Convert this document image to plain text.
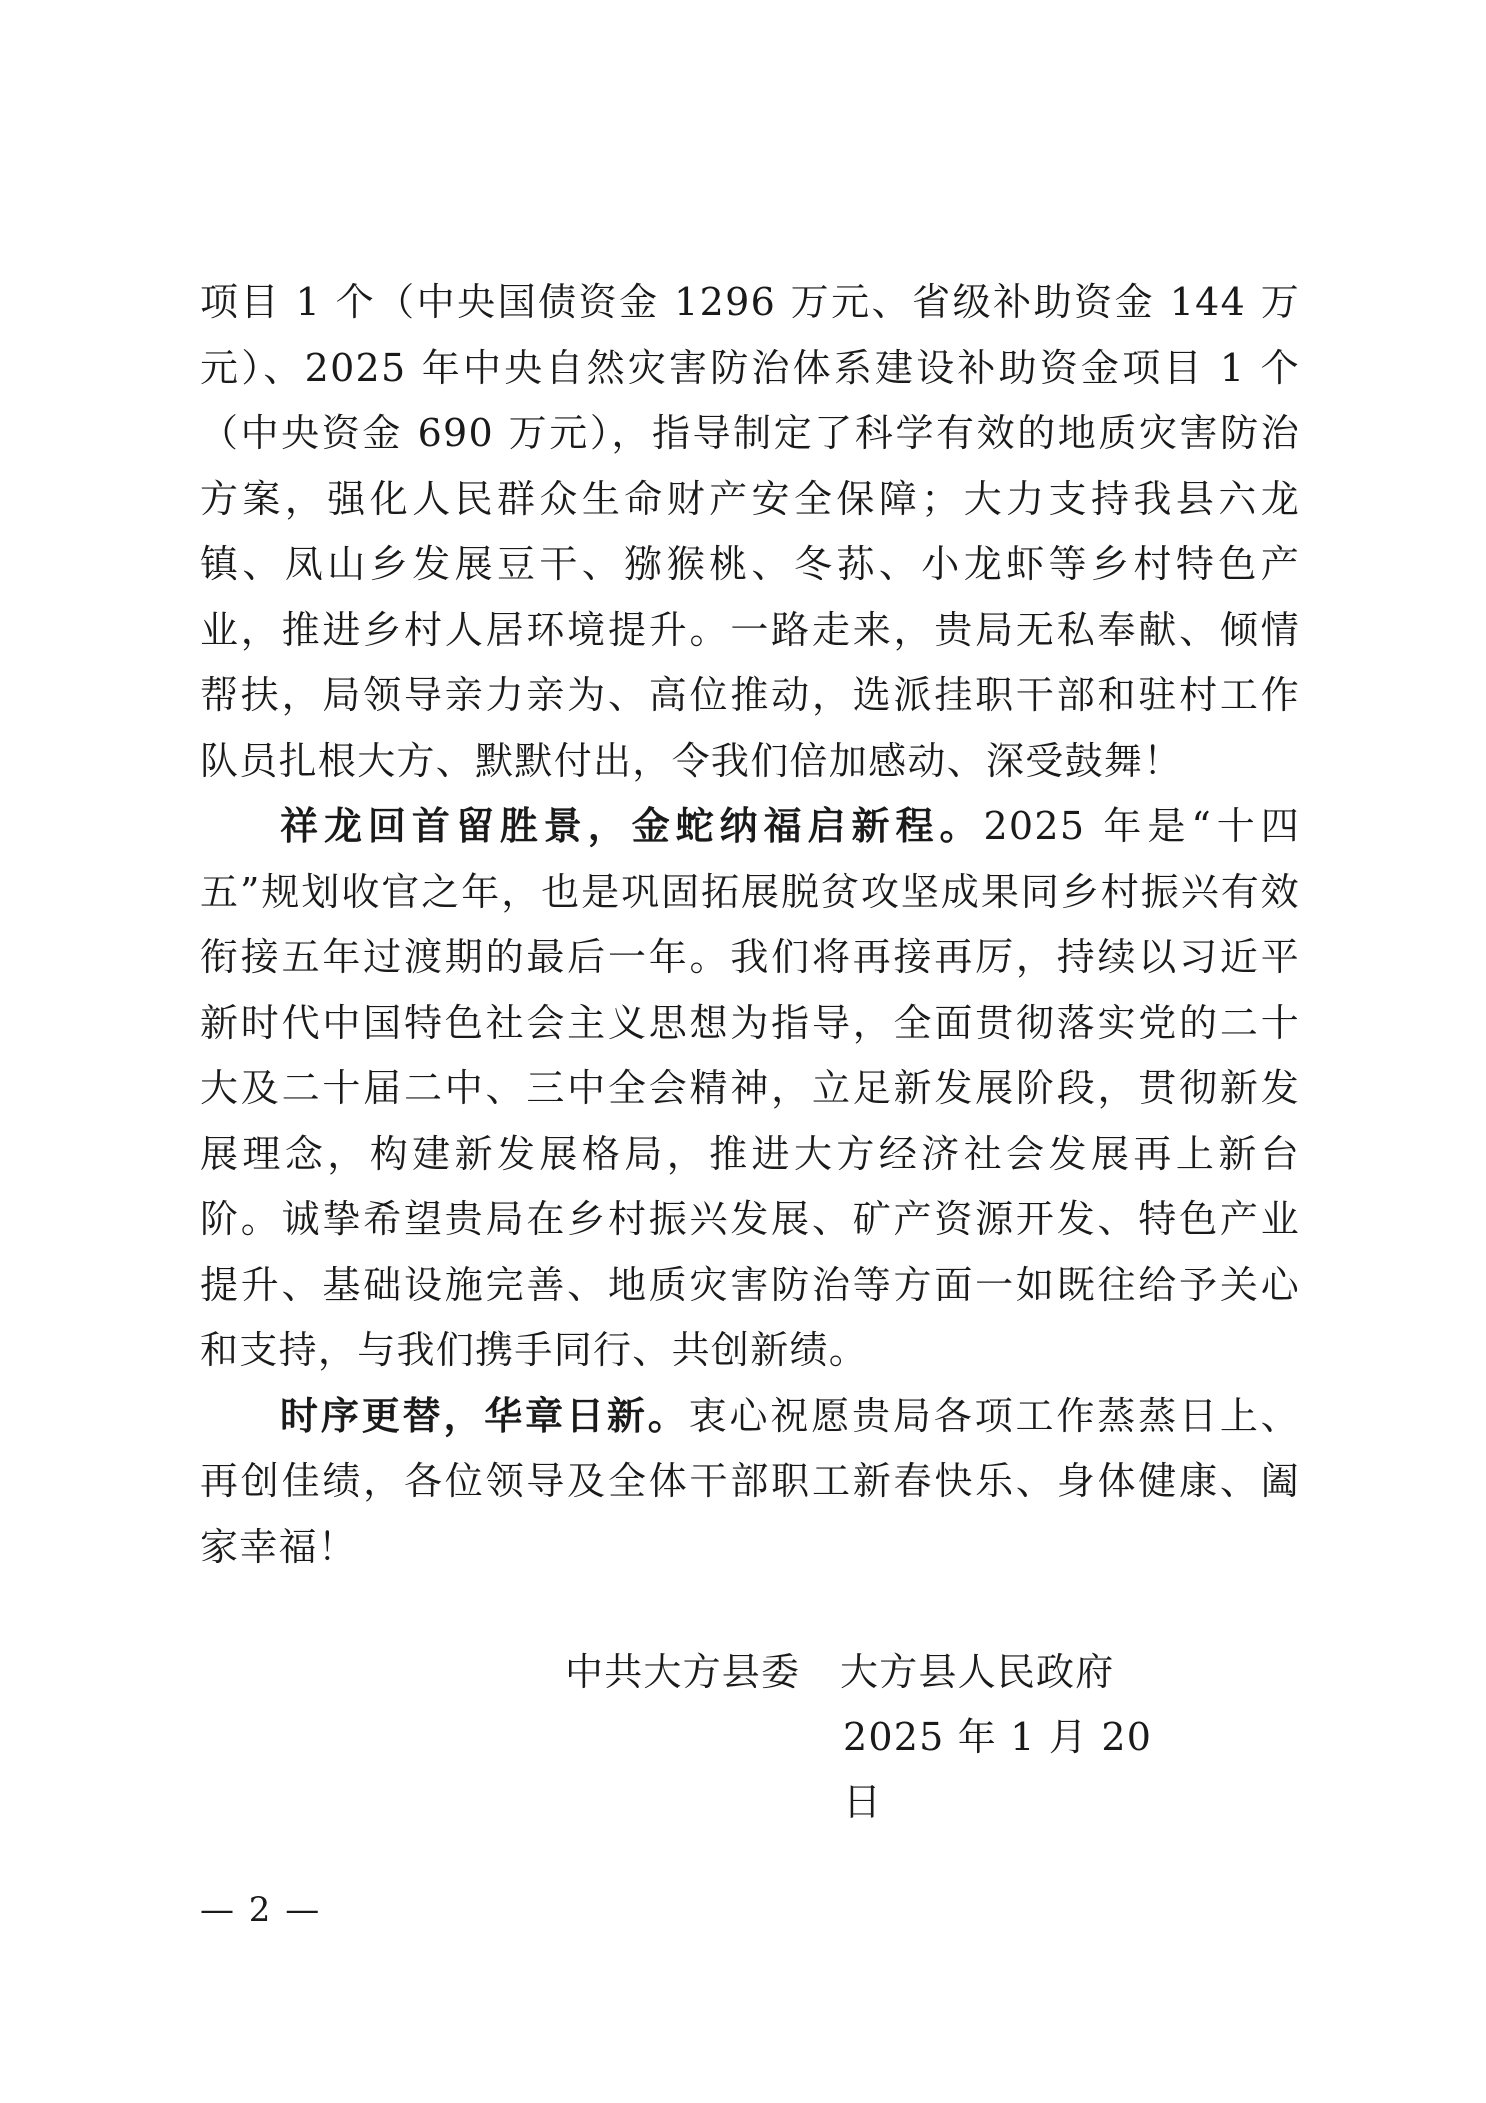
项目 1 个（中央国债资金 1296 万元、省级补助资金 144 万元）、2025 年中央自然灾害防治体系建设补助资金项目 1 个（中央资金 690 万元），指导制定了科学有效的地质灾害防治方案，强化人民群众生命财产安全保障；大力支持我县六龙镇、凤山乡发展豆干、猕猴桃、冬荪、小龙虾等乡村特色产业，推进乡村人居环境提升。一路走来，贵局无私奉献、倾情帮扶，局领导亲力亲为、高位推动，选派挂职干部和驻村工作队员扎根大方、默默付出，令我们倍加感动、深受鼓舞！

祥龙回首留胜景，金蛇纳福启新程。2025 年是“十四五”规划收官之年，也是巩固拓展脱贫攻坚成果同乡村振兴有效衔接五年过渡期的最后一年。我们将再接再厉，持续以习近平新时代中国特色社会主义思想为指导，全面贯彻落实党的二十大及二十届二中、三中全会精神，立足新发展阶段，贯彻新发展理念，构建新发展格局，推进大方经济社会发展再上新台阶。诚挚希望贵局在乡村振兴发展、矿产资源开发、特色产业提升、基础设施完善、地质灾害防治等方面一如既往给予关心和支持，与我们携手同行、共创新绩。

时序更替，华章日新。衷心祝愿贵局各项工作蒸蒸日上、再创佳绩，各位领导及全体干部职工新春快乐、身体健康、阖家幸福！

中共大方县委   大方县人民政府
2025 年 1 月 20 日
— 2 —
